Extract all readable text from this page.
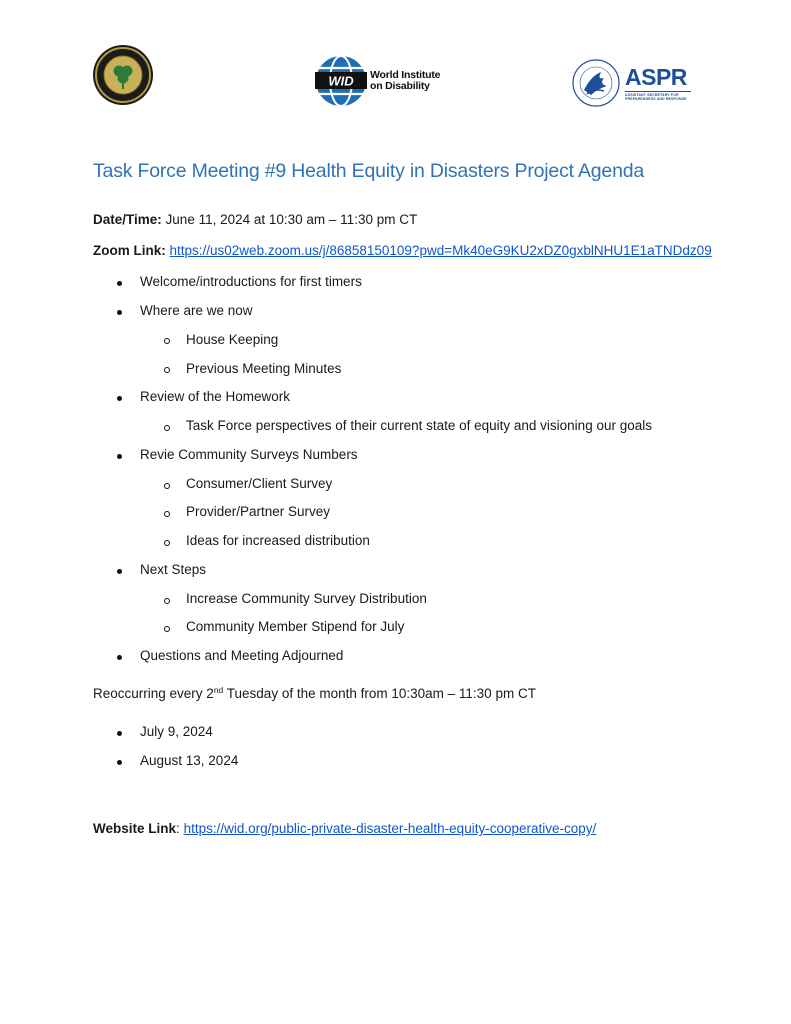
WID World Institute
on Disability	ASPR
ASSISTANT SECRETARY FOR PREPAREDNESS AND RESPONSE
Task Force Meeting #9 Health Equity in Disasters Project Agenda
Date/Time: June 11, 2024 at 10:30 am – 11:30 pm CT
Zoom Link: https://us02web.zoom.us/j/86858150109?pwd=Mk40eG9KU2xDZ0gxblNHU1E1aTNDdz09
Welcome/introductions for first timers
Where are we now
House Keeping
Previous Meeting Minutes
Review of the Homework
Task Force perspectives of their current state of equity and visioning our goals
Revie Community Surveys Numbers
Consumer/Client Survey
Provider/Partner Survey
Ideas for increased distribution
Next Steps
Increase Community Survey Distribution
Community Member Stipend for July
Questions and Meeting Adjourned
Reoccurring every 2nd Tuesday of the month from 10:30am – 11:30 pm CT
July 9, 2024
August 13, 2024
Website Link: https://wid.org/public-private-disaster-health-equity-cooperative-copy/
